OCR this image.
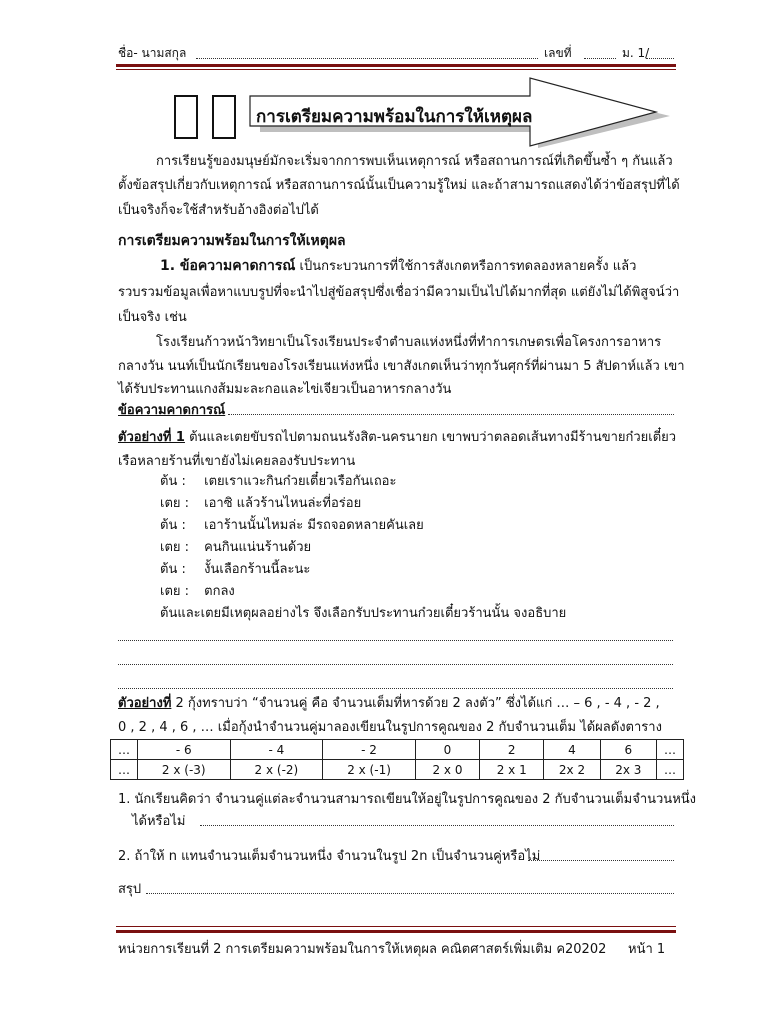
ชื่อ- นามสกุล	เลขที่	ม. 1/
การเตรียมความพร้อมในการให้เหตุผล
การเรียนรู้ของมนุษย์มักจะเริ่มจากการพบเห็นเหตุการณ์ หรือสถานการณ์ที่เกิดขึ้นซ้ำ ๆ กันแล้ว
ตั้งข้อสรุปเกี่ยวกับเหตุการณ์ หรือสถานการณ์นั้นเป็นความรู้ใหม่ และถ้าสามารถแสดงได้ว่าข้อสรุปที่ได้
เป็นจริงก็จะใช้สำหรับอ้างอิงต่อไปได้
การเตรียมความพร้อมในการให้เหตุผล
1. ข้อความคาดการณ์ เป็นกระบวนการที่ใช้การสังเกตหรือการทดลองหลายครั้ง แล้ว
รวบรวมข้อมูลเพื่อหาแบบรูปที่จะนำไปสู่ข้อสรุปซึ่งเชื่อว่ามีความเป็นไปได้มากที่สุด แต่ยังไม่ได้พิสูจน์ว่า
เป็นจริง เช่น
โรงเรียนก้าวหน้าวิทยาเป็นโรงเรียนประจำตำบลแห่งหนึ่งที่ทำการเกษตรเพื่อโครงการอาหาร
กลางวัน นนท์เป็นนักเรียนของโรงเรียนแห่งหนึ่ง เขาสังเกตเห็นว่าทุกวันศุกร์ที่ผ่านมา 5 สัปดาห์แล้ว เขา
ได้รับประทานแกงส้มมะละกอและไข่เจียวเป็นอาหารกลางวัน
ข้อความคาดการณ์
ตัวอย่างที่ 1 ต้นและเตยขับรถไปตามถนนรังสิต-นครนายก เขาพบว่าตลอดเส้นทางมีร้านขายก๋วยเตี๋ยว
เรือหลายร้านที่เขายังไม่เคยลองรับประทาน
ต้น : เตยเราแวะกินก๋วยเตี๋ยวเรือกันเถอะ
เตย : เอาซิ แล้วร้านไหนล่ะที่อร่อย
ต้น : เอาร้านนั้นไหมล่ะ มีรถจอดหลายคันเลย
เตย : คนกินแน่นร้านด้วย
ต้น : งั้นเลือกร้านนี้ละนะ
เตย : ตกลง
ต้นและเตยมีเหตุผลอย่างไร จึงเลือกรับประทานก๋วยเตี๋ยวร้านนั้น จงอธิบาย
ตัวอย่างที่ 2 กุ้งทราบว่า “จำนวนคู่ คือ จำนวนเต็มที่หารด้วย 2 ลงตัว” ซึ่งได้แก่ … – 6 , - 4 , - 2 ,
0 , 2 , 4 , 6 , … เมื่อกุ้งนำจำนวนคู่มาลองเขียนในรูปการคูณของ 2 กับจำนวนเต็ม ได้ผลดังตาราง
…	- 6	- 4	- 2	0	2	4	6	…
…	2 x (-3)	2 x (-2)	2 x (-1)	2 x 0	2 x 1	2x 2	2x 3	…
1. นักเรียนคิดว่า จำนวนคู่แต่ละจำนวนสามารถเขียนให้อยู่ในรูปการคูณของ 2 กับจำนวนเต็มจำนวนหนึ่ง
ได้หรือไม่
2. ถ้าให้ n แทนจำนวนเต็มจำนวนหนึ่ง จำนวนในรูป 2n เป็นจำนวนคู่หรือไม่
สรุป
หน่วยการเรียนที่ 2 การเตรียมความพร้อมในการให้เหตุผล คณิตศาสตร์เพิ่มเติม ค20202 หน้า 1
